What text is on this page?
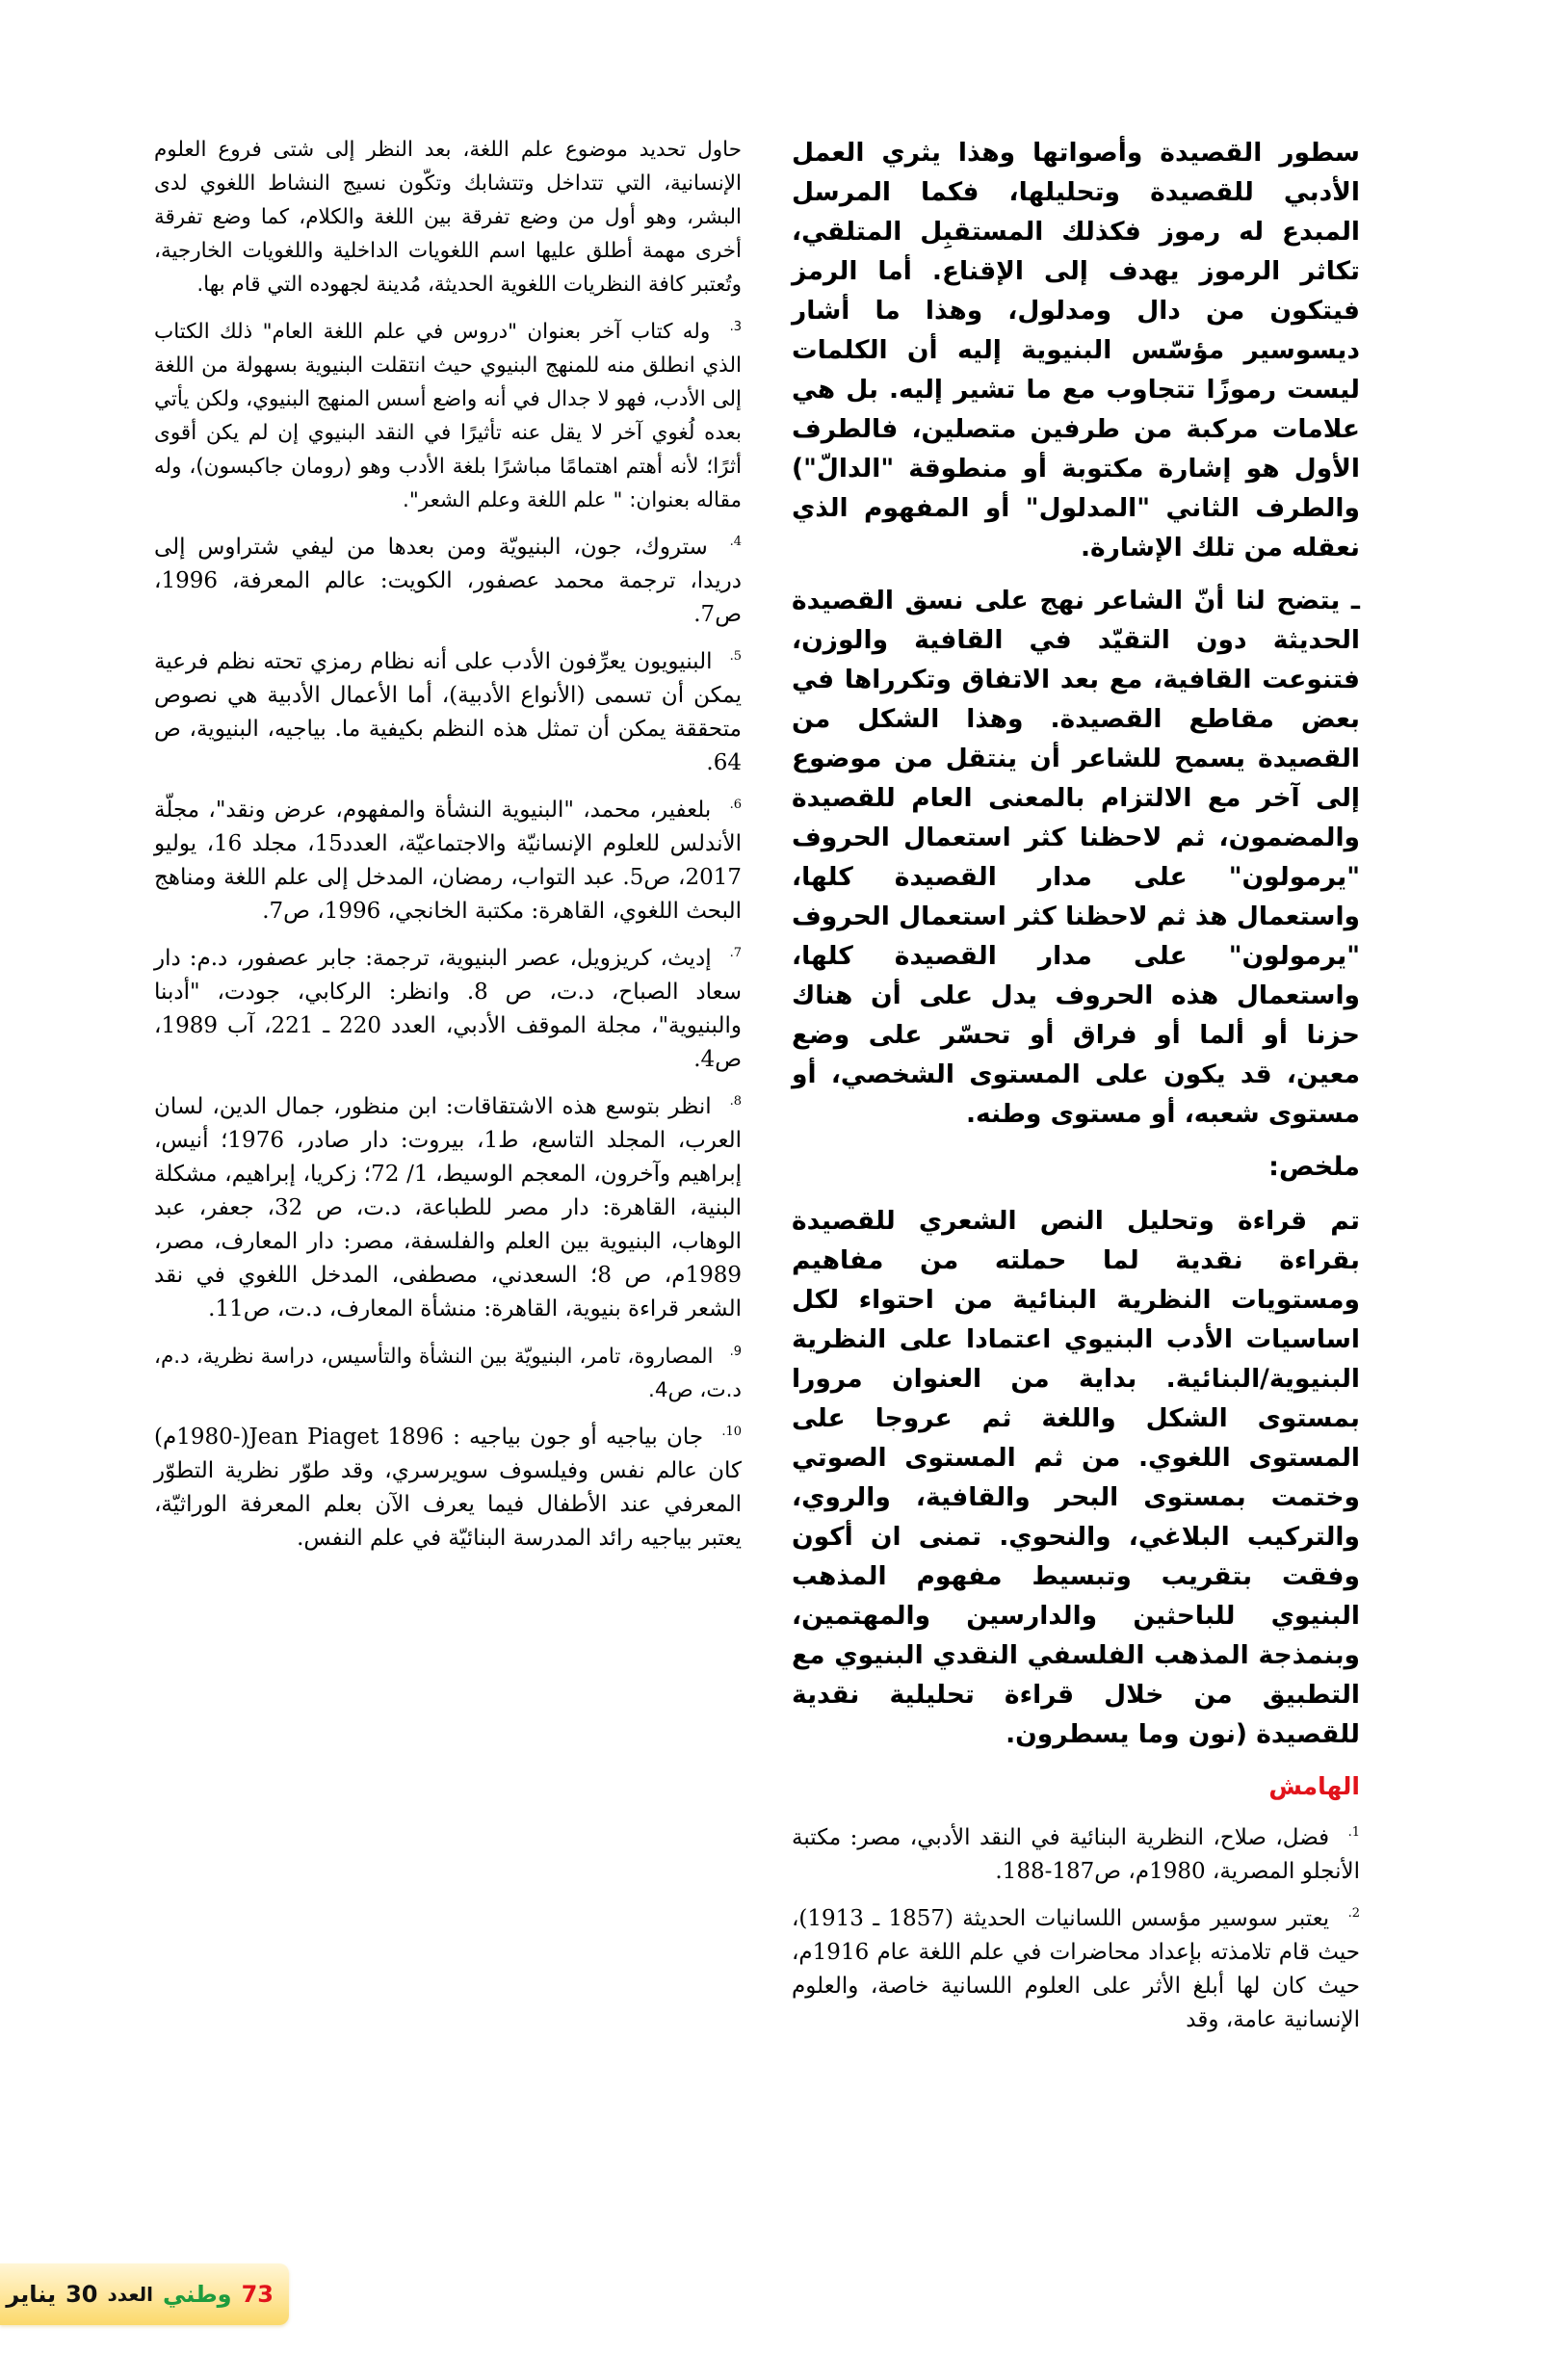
سطور القصيدة وأصواتها وهذا يثري العمل الأدبي للقصيدة وتحليلها، فكما المرسل المبدع له رموز فكذلك المستقبِل المتلقي، تكاثر الرموز يهدف إلى الإقناع. أما الرمز فيتكون من دال ومدلول، وهذا ما أشار ديسوسير مؤسّس البنيوية إليه أن الكلمات ليست رموزًا تتجاوب مع ما تشير إليه. بل هي علامات مركبة من طرفين متصلين، فالطرف الأول هو إشارة مكتوبة أو منطوقة "الدالّ") والطرف الثاني "المدلول" أو المفهوم الذي نعقله من تلك الإشارة.

ـ يتضح لنا أنّ الشاعر نهج على نسق القصيدة الحديثة دون التقيّد في القافية والوزن، فتنوعت القافية، مع بعد الاتفاق وتكرراها في بعض مقاطع القصيدة. وهذا الشكل من القصيدة يسمح للشاعر أن ينتقل من موضوع إلى آخر مع الالتزام بالمعنى العام للقصيدة والمضمون، ثم لاحظنا كثر استعمال الحروف "يرمولون" على مدار القصيدة كلها، واستعمال هذ ثم لاحظنا كثر استعمال الحروف "يرمولون" على مدار القصيدة كلها، واستعمال هذه الحروف يدل على أن هناك حزنا أو ألما أو فراق أو تحسّر على وضع معين، قد يكون على المستوى الشخصي، أو مستوى شعبه، أو مستوى وطنه.

ملخص:

تم قراءة وتحليل النص الشعري للقصيدة بقراءة نقدية لما حملته من مفاهيم ومستويات النظرية البنائية من احتواء لكل اساسيات الأدب البنيوي اعتمادا على النظرية البنيوية/البنائية. بداية من العنوان مرورا بمستوى الشكل واللغة ثم عروجا على المستوى اللغوي. من ثم المستوى الصوتي وختمت بمستوى البحر والقافية، والروي، والتركيب البلاغي، والنحوي. تمنى ان أكون وفقت بتقريب وتبسيط مفهوم المذهب البنيوي للباحثين والدارسين والمهتمين، وبنمذجة المذهب الفلسفي النقدي البنيوي مع التطبيق من خلال قراءة تحليلية نقدية للقصيدة (نون وما يسطرون.

الهامش

$^{1.}$ فضل، صلاح، النظرية البنائية في النقد الأدبي، مصر: مكتبة الأنجلو المصرية، 1980م، ص187-188.

$^{2.}$ يعتبر سوسير مؤسس اللسانيات الحديثة (1857 ـ 1913)، حيث قام تلامذته بإعداد محاضرات في علم اللغة عام 1916م، حيث كان لها أبلغ الأثر على العلوم اللسانية خاصة، والعلوم الإنسانية عامة، وقد

حاول تحديد موضوع علم اللغة، بعد النظر إلى شتى فروع العلوم الإنسانية، التي تتداخل وتتشابك وتكّون نسيج النشاط اللغوي لدى البشر، وهو أول من وضع تفرقة بين اللغة والكلام، كما وضع تفرقة أخرى مهمة أطلق عليها اسم اللغويات الداخلية واللغويات الخارجية، وتُعتبر كافة النظريات اللغوية الحديثة، مُدينة لجهوده التي قام بها.

$^{3.}$ وله كتاب آخر بعنوان "دروس في علم اللغة العام" ذلك الكتاب الذي انطلق منه للمنهج البنيوي حيث انتقلت البنيوية بسهولة من اللغة إلى الأدب، فهو لا جدال في أنه واضع أسس المنهج البنيوي، ولكن يأتي بعده لُغوي آخر لا يقل عنه تأثيرًا في النقد البنيوي إن لم يكن أقوى أثرًا؛ لأنه أهتم اهتمامًا مباشرًا بلغة الأدب وهو (رومان جاكبسون)، وله مقاله بعنوان: " علم اللغة وعلم الشعر".

$^{4.}$ ستروك، جون، البنيويّة ومن بعدها من ليفي شتراوس إلى دريدا، ترجمة محمد عصفور، الكويت: عالم المعرفة، 1996، ص7.

$^{5.}$ البنيويون يعرِّفون الأدب على أنه نظام رمزي تحته نظم فرعية يمكن أن تسمى (الأنواع الأدبية)، أما الأعمال الأدبية هي نصوص متحققة يمكن أن تمثل هذه النظم بكيفية ما. بياجيه، البنيوية، ص 64.

$^{6.}$ بلعفير، محمد، "البنيوية النشأة والمفهوم، عرض ونقد"، مجلّة الأندلس للعلوم الإنسانيّة والاجتماعيّة، العدد15، مجلد 16، يوليو 2017، ص5. عبد التواب، رمضان، المدخل إلى علم اللغة ومناهج البحث اللغوي، القاهرة: مكتبة الخانجي، 1996، ص7.

$^{7.}$ إديث، كريزويل، عصر البنيوية، ترجمة: جابر عصفور، د.م: دار سعاد الصباح، د.ت، ص 8. وانظر: الركابي، جودت، "أدبنا والبنيوية"، مجلة الموقف الأدبي، العدد 220 ـ 221، آب 1989، ص4.

$^{8.}$ انظر بتوسع هذه الاشتقاقات: ابن منظور، جمال الدين، لسان العرب، المجلد التاسع، ط1، بيروت: دار صادر، 1976؛ أنيس، إبراهيم وآخرون، المعجم الوسيط، 1/ 72؛ زكريا، إبراهيم، مشكلة البنية، القاهرة: دار مصر للطباعة، د.ت، ص 32، جعفر، عبد الوهاب، البنيوية بين العلم والفلسفة، مصر: دار المعارف، مصر، 1989م، ص 8؛ السعدني، مصطفى، المدخل اللغوي في نقد الشعر قراءة بنيوية، القاهرة: منشأة المعارف، د.ت، ص11.

$^{9.}$ المصاروة، تامر، البنيويّة بين النشأة والتأسيس، دراسة نظرية، د.م، د.ت، ص4.

$^{10.}$ جان بياجيه أو جون بياجيه : Jean Piaget 1896(-1980م) كان عالم نفس وفيلسوف سويرسري، وقد طوّر نظرية التطوّر المعرفي عند الأطفال فيما يعرف الآن بعلم المعرفة الوراثيّة، يعتبر بياجيه رائد المدرسة البنائيّة في علم النفس.

يناير 30 العدد وطني 73
